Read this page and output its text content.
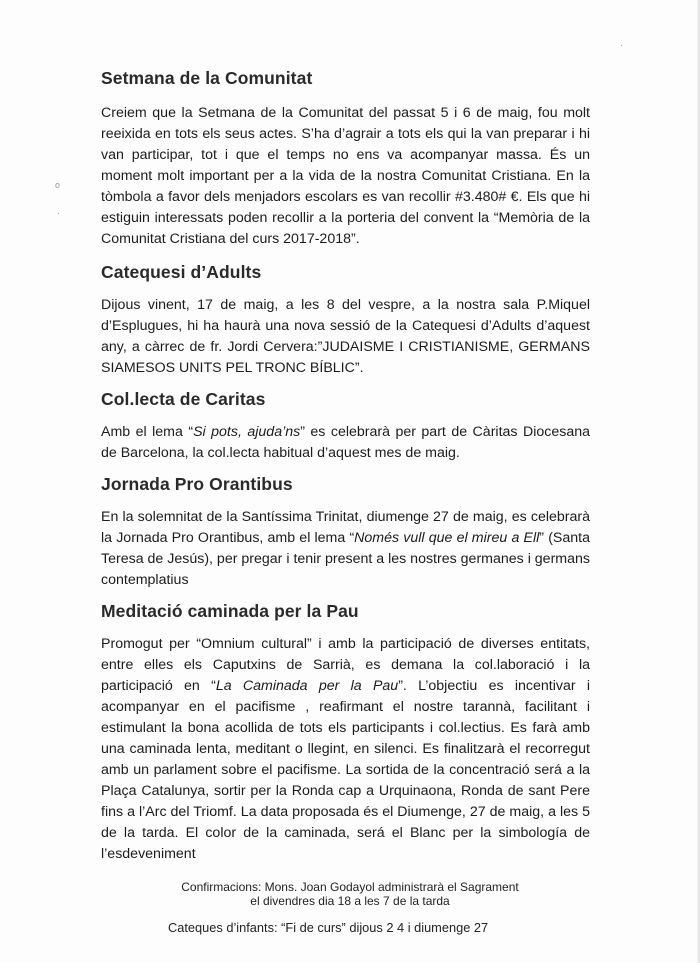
o
·
·
Setmana de la Comunitat

Creiem que la Setmana de la Comunitat del passat 5 i 6 de maig, fou molt reeixida en tots els seus actes. S’ha d’agrair a tots els qui la van preparar i hi van participar, tot i que el temps no ens va acompanyar massa. És un moment molt important per a la vida de la nostra Comunitat Cristiana. En la tòmbola a favor dels menjadors escolars es van recollir #3.480# €. Els que hi estiguin interessats poden recollir a la porteria del convent la “Memòria de la Comunitat Cristiana del curs 2017-2018”.

Catequesi d’Adults

Dijous vinent, 17 de maig, a les 8 del vespre, a la nostra sala P.Miquel d’Esplugues, hi ha haurà una nova sessió de la Catequesi d’Adults d’aquest any, a càrrec de fr. Jordi Cervera:”JUDAISME I CRISTIANISME, GERMANS SIAMESOS UNITS PEL TRONC BÍBLIC”.

Col.lecta de Caritas

Amb el lema “Si pots, ajuda’ns” es celebrarà per part de Càritas Diocesana de Barcelona, la col.lecta habitual d’aquest mes de maig.

Jornada Pro Orantibus

En la solemnitat de la Santíssima Trinitat, diumenge 27 de maig, es celebrarà la Jornada Pro Orantibus, amb el lema “Només vull que el mireu a Ell” (Santa Teresa de Jesús), per pregar i tenir present a les nostres germanes i germans contemplatius

Meditació caminada per la Pau

Promogut per “Omnium cultural” i amb la participació de diverses entitats, entre elles els Caputxins de Sarrià, es demana la col.laboració i la participació en “La Caminada per la Pau”. L’objectiu es incentivar i acompanyar en el pacifisme , reafirmant el nostre tarannà, facilitant i estimulant la bona acollida de tots els participants i col.lectius. Es farà amb una caminada lenta, meditant o llegint, en silenci. Es finalitzarà el recorregut amb un parlament sobre el pacifisme. La sortida de la concentració será a la Plaça Catalunya, sortir per la Ronda cap a Urquinaona, Ronda de sant Pere fins a l’Arc del Triomf. La data proposada és el Diumenge, 27 de maig, a les 5 de la tarda. El color de la caminada, será el Blanc per la simbología de l’esdeveniment

Confirmacions: Mons. Joan Godayol administrarà el Sagrament
el divendres dia 18 a les 7 de la tarda
Cateques d’infants: “Fi de curs” dijous 2 4 i diumenge 27
